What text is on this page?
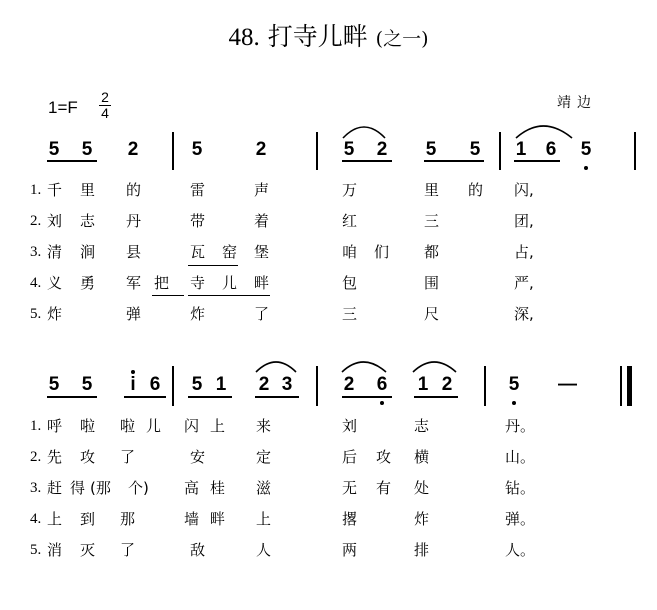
48. 打寺儿畔 (之一)
1=F
2
4
靖边
5 5 2	5	2	5 2 5 5 1 6 5
1. 千 里 的	雷	声	万	里 的 闪,
2. 刘 志 丹	带	着	红	三	团,
3. 清 涧 县	瓦 窑 堡	咱 们 都	占,
4. 义 勇 军 把 寺 儿 畔	包	围	严,
5. 炸	弹	炸	了	三	尺	深,
5 5	i 6 5 1 2 3	2 6 1 2	5 —
1. 呼 啦 啦 儿 闪 上 来	刘	志	丹。
2. 先 攻 了	安	定	后 攻 横	山。
3. 赶 得 (那 个) 高 桂 滋	无 有 处	钻。
4. 上 到 那	墙 畔 上	撂	炸	弹。
5. 消 灭 了	敌	人	两	排	人。
